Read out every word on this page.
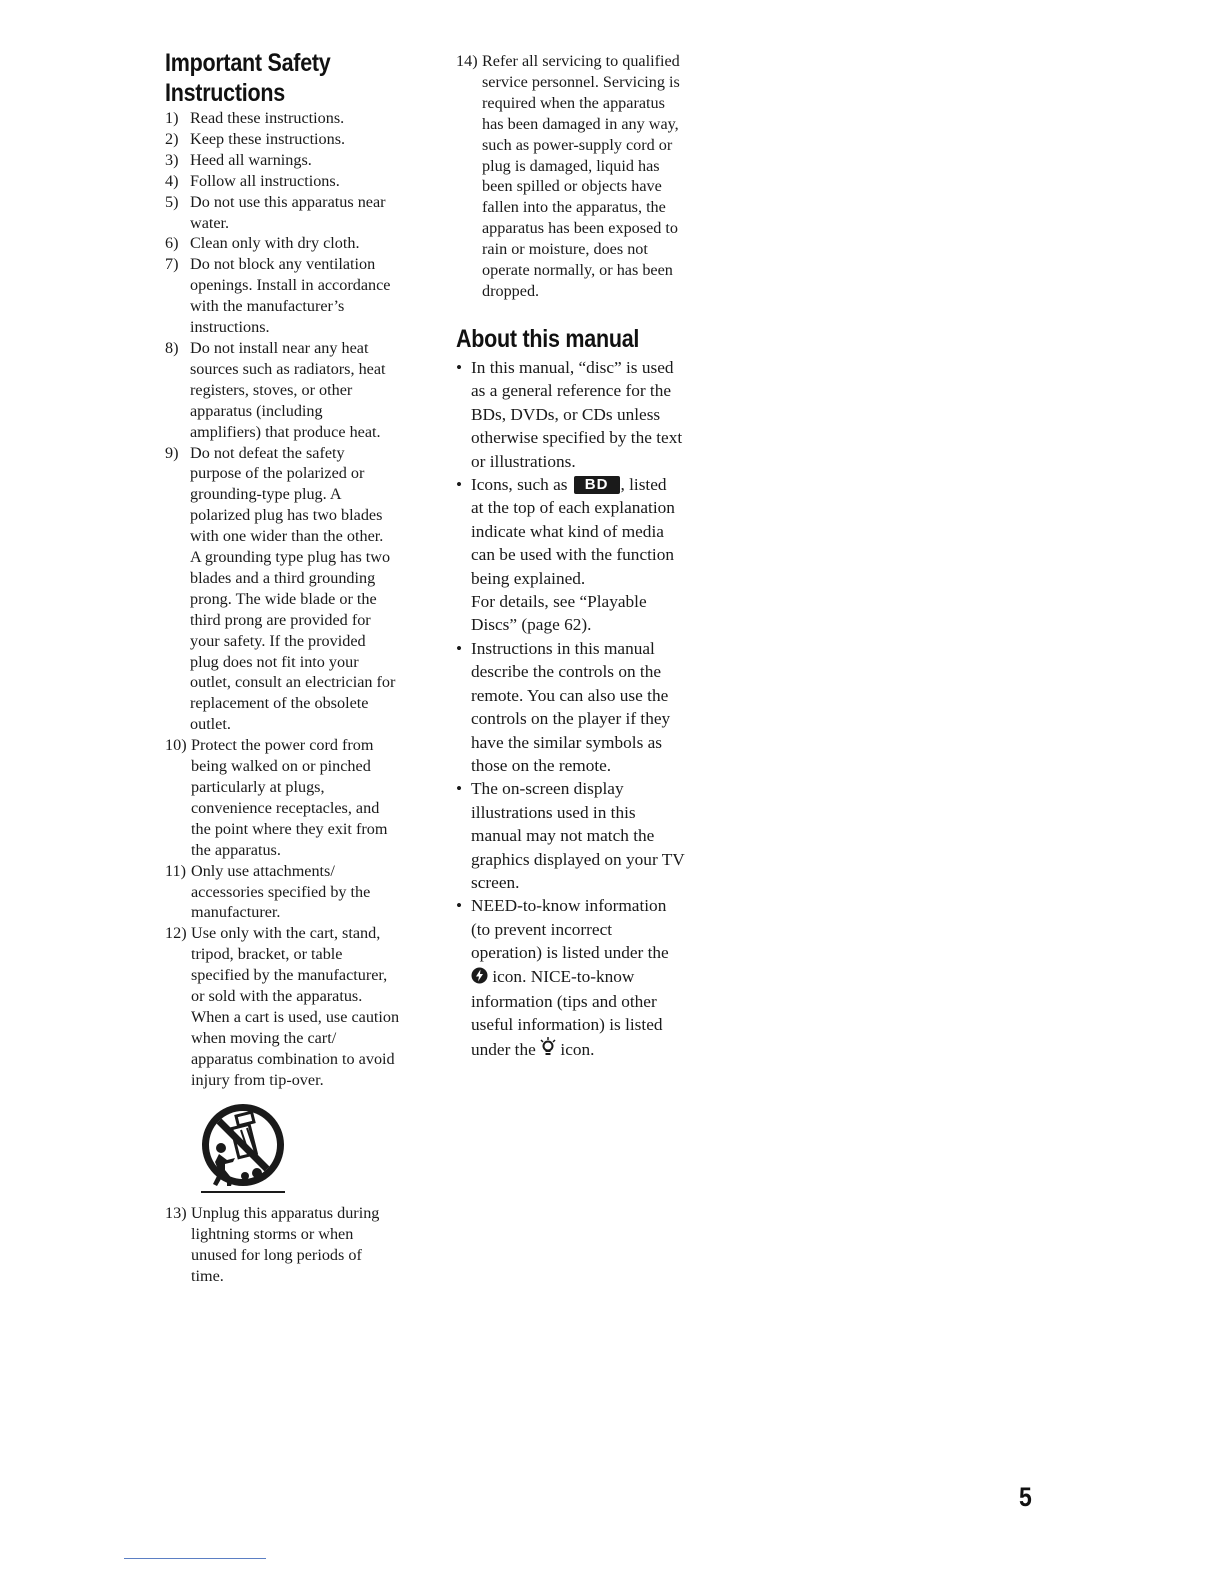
Important Safety
Instructions
1) Read these instructions.
2) Keep these instructions.
3) Heed all warnings.
4) Follow all instructions.
5) Do not use this apparatus near
water.
6) Clean only with dry cloth.
7) Do not block any ventilation
openings. Install in accordance
with the manufacturer’s
instructions.
8) Do not install near any heat
sources such as radiators, heat
registers, stoves, or other
apparatus (including
amplifiers) that produce heat.
9) Do not defeat the safety
purpose of the polarized or
grounding-type plug. A
polarized plug has two blades
with one wider than the other.
A grounding type plug has two
blades and a third grounding
prong. The wide blade or the
third prong are provided for
your safety. If the provided
plug does not fit into your
outlet, consult an electrician for
replacement of the obsolete
outlet.
10) Protect the power cord from
being walked on or pinched
particularly at plugs,
convenience receptacles, and
the point where they exit from
the apparatus.
11) Only use attachments/
accessories specified by the
manufacturer.
12) Use only with the cart, stand,
tripod, bracket, or table
specified by the manufacturer,
or sold with the apparatus.
When a cart is used, use caution
when moving the cart/
apparatus combination to avoid
injury from tip-over.
13) Unplug this apparatus during
lightning storms or when
unused for long periods of
time.
14) Refer all servicing to qualified
service personnel. Servicing is
required when the apparatus
has been damaged in any way,
such as power-supply cord or
plug is damaged, liquid has
been spilled or objects have
fallen into the apparatus, the
apparatus has been exposed to
rain or moisture, does not
operate normally, or has been
dropped.
About this manual
• In this manual, “disc” is used
as a general reference for the
BDs, DVDs, or CDs unless
otherwise specified by the text
or illustrations.
• Icons, such as BD , listed
at the top of each explanation
indicate what kind of media
can be used with the function
being explained.
For details, see “Playable
Discs” (page 62).
• Instructions in this manual
describe the controls on the
remote. You can also use the
controls on the player if they
have the similar symbols as
those on the remote.
• The on-screen display
illustrations used in this
manual may not match the
graphics displayed on your TV
screen.
• NEED-to-know information
(to prevent incorrect
operation) is listed under the
icon. NICE-to-know
information (tips and other
useful information) is listed
under the  icon.
5
